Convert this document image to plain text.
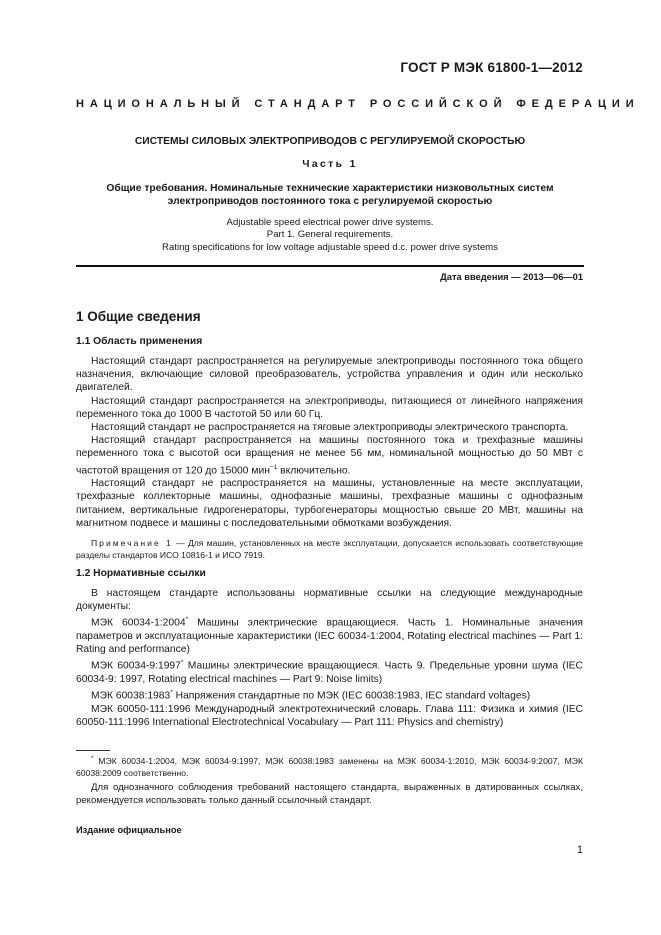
ГОСТ Р МЭК 61800-1—2012
НАЦИОНАЛЬНЫЙ СТАНДАРТ РОССИЙСКОЙ ФЕДЕРАЦИИ
СИСТЕМЫ СИЛОВЫХ ЭЛЕКТРОПРИВОДОВ С РЕГУЛИРУЕМОЙ СКОРОСТЬЮ
Часть 1
Общие требования. Номинальные технические характеристики низковольтных систем
электроприводов постоянного тока с регулируемой скоростью
Adjustable speed electrical power drive systems.
Part 1. General requirements.
Rating specifications for low voltage adjustable speed d.c. power drive systems
Дата введения — 2013—06—01
1 Общие сведения
1.1 Область применения

Настоящий стандарт распространяется на регулируемые электроприводы постоянного тока общего назначения, включающие силовой преобразователь, устройства управления и один или несколько двигателей.

Настоящий стандарт распространяется на электроприводы, питающиеся от линейного напряжения переменного тока до 1000 В частотой 50 или 60 Гц.

Настоящий стандарт не распространяется на тяговые электроприводы электрического транспорта.

Настоящий стандарт распространяется на машины постоянного тока и трехфазные машины переменного тока с высотой оси вращения не менее 56 мм, номинальной мощностью до 50 МВт с частотой вращения от 120 до 15000 мин$^{-1}$ включительно.

Настоящий стандарт не распространяется на машины, установленные на месте эксплуатации, трехфазные коллекторные машины, однофазные машины, трехфазные машины с однофазным питанием, вертикальные гидрогенераторы, турбогенераторы мощностью свыше 20 МВт, машины на магнитном подвесе и машины с последовательными обмотками возбуждения.

Примечание 1 — Для машин, установленных на месте эксплуатации, допускается использовать соответствующие разделы стандартов ИСО 10816-1 и ИСО 7919.
1.2 Нормативные ссылки

В настоящем стандарте использованы нормативные ссылки на следующие международные документы:

МЭК 60034-1:2004* Машины электрические вращающиеся. Часть 1. Номинальные значения параметров и эксплуатационные характеристики (IEC 60034-1:2004, Rotating electrical machines — Part 1: Rating and performance)

МЭК 60034-9:1997* Машины электрические вращающиеся. Часть 9. Предельные уровни шума (IEC 60034-9: 1997, Rotating electrical machines — Part 9: Noise limits)

МЭК 60038:1983* Напряжения стандартные по МЭК (IEC 60038:1983, IEC standard voltages)

МЭК 60050-111:1996 Международный электротехнический словарь. Глава 111: Физика и химия (IEC 60050-111:1996 International Electrotechnical Vocabulary — Part 111: Physics and chemistry)

* МЭК 60034-1:2004, МЭК 60034-9:1997, МЭК 60038:1983 заменены на МЭК 60034-1:2010, МЭК 60034-9:2007, МЭК 60038:2009 соответственно.

Для однозначного соблюдения требований настоящего стандарта, выраженных в датированных ссылках, рекомендуется использовать только данный ссылочный стандарт.

Издание официальное
1
